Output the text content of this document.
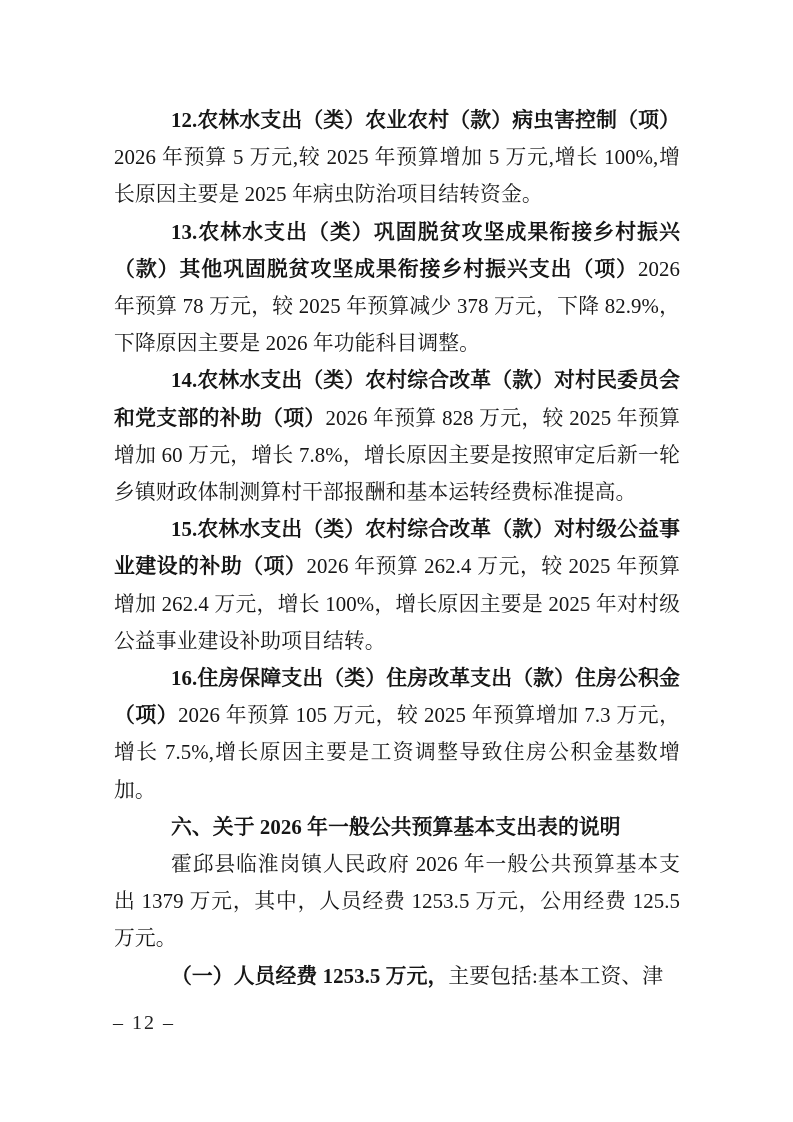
12.农林水支出（类）农业农村（款）病虫害控制（项）2026 年预算 5 万元,较 2025 年预算增加 5 万元,增长 100%,增长原因主要是 2025 年病虫防治项目结转资金。

13.农林水支出（类）巩固脱贫攻坚成果衔接乡村振兴（款）其他巩固脱贫攻坚成果衔接乡村振兴支出（项）2026 年预算 78 万元，较 2025 年预算减少 378 万元，下降 82.9%，下降原因主要是 2026 年功能科目调整。

14.农林水支出（类）农村综合改革（款）对村民委员会和党支部的补助（项）2026 年预算 828 万元，较 2025 年预算增加 60 万元，增长 7.8%，增长原因主要是按照审定后新一轮乡镇财政体制测算村干部报酬和基本运转经费标准提高。

15.农林水支出（类）农村综合改革（款）对村级公益事业建设的补助（项）2026 年预算 262.4 万元，较 2025 年预算增加 262.4 万元，增长 100%，增长原因主要是 2025 年对村级公益事业建设补助项目结转。

16.住房保障支出（类）住房改革支出（款）住房公积金（项）2026 年预算 105 万元，较 2025 年预算增加 7.3 万元，增长 7.5%,增长原因主要是工资调整导致住房公积金基数增加。

六、关于 2026 年一般公共预算基本支出表的说明

霍邱县临淮岗镇人民政府 2026 年一般公共预算基本支出 1379 万元，其中，人员经费 1253.5 万元，公用经费 125.5 万元。

（一）人员经费 1253.5 万元，主要包括:基本工资、津

– 12 –
